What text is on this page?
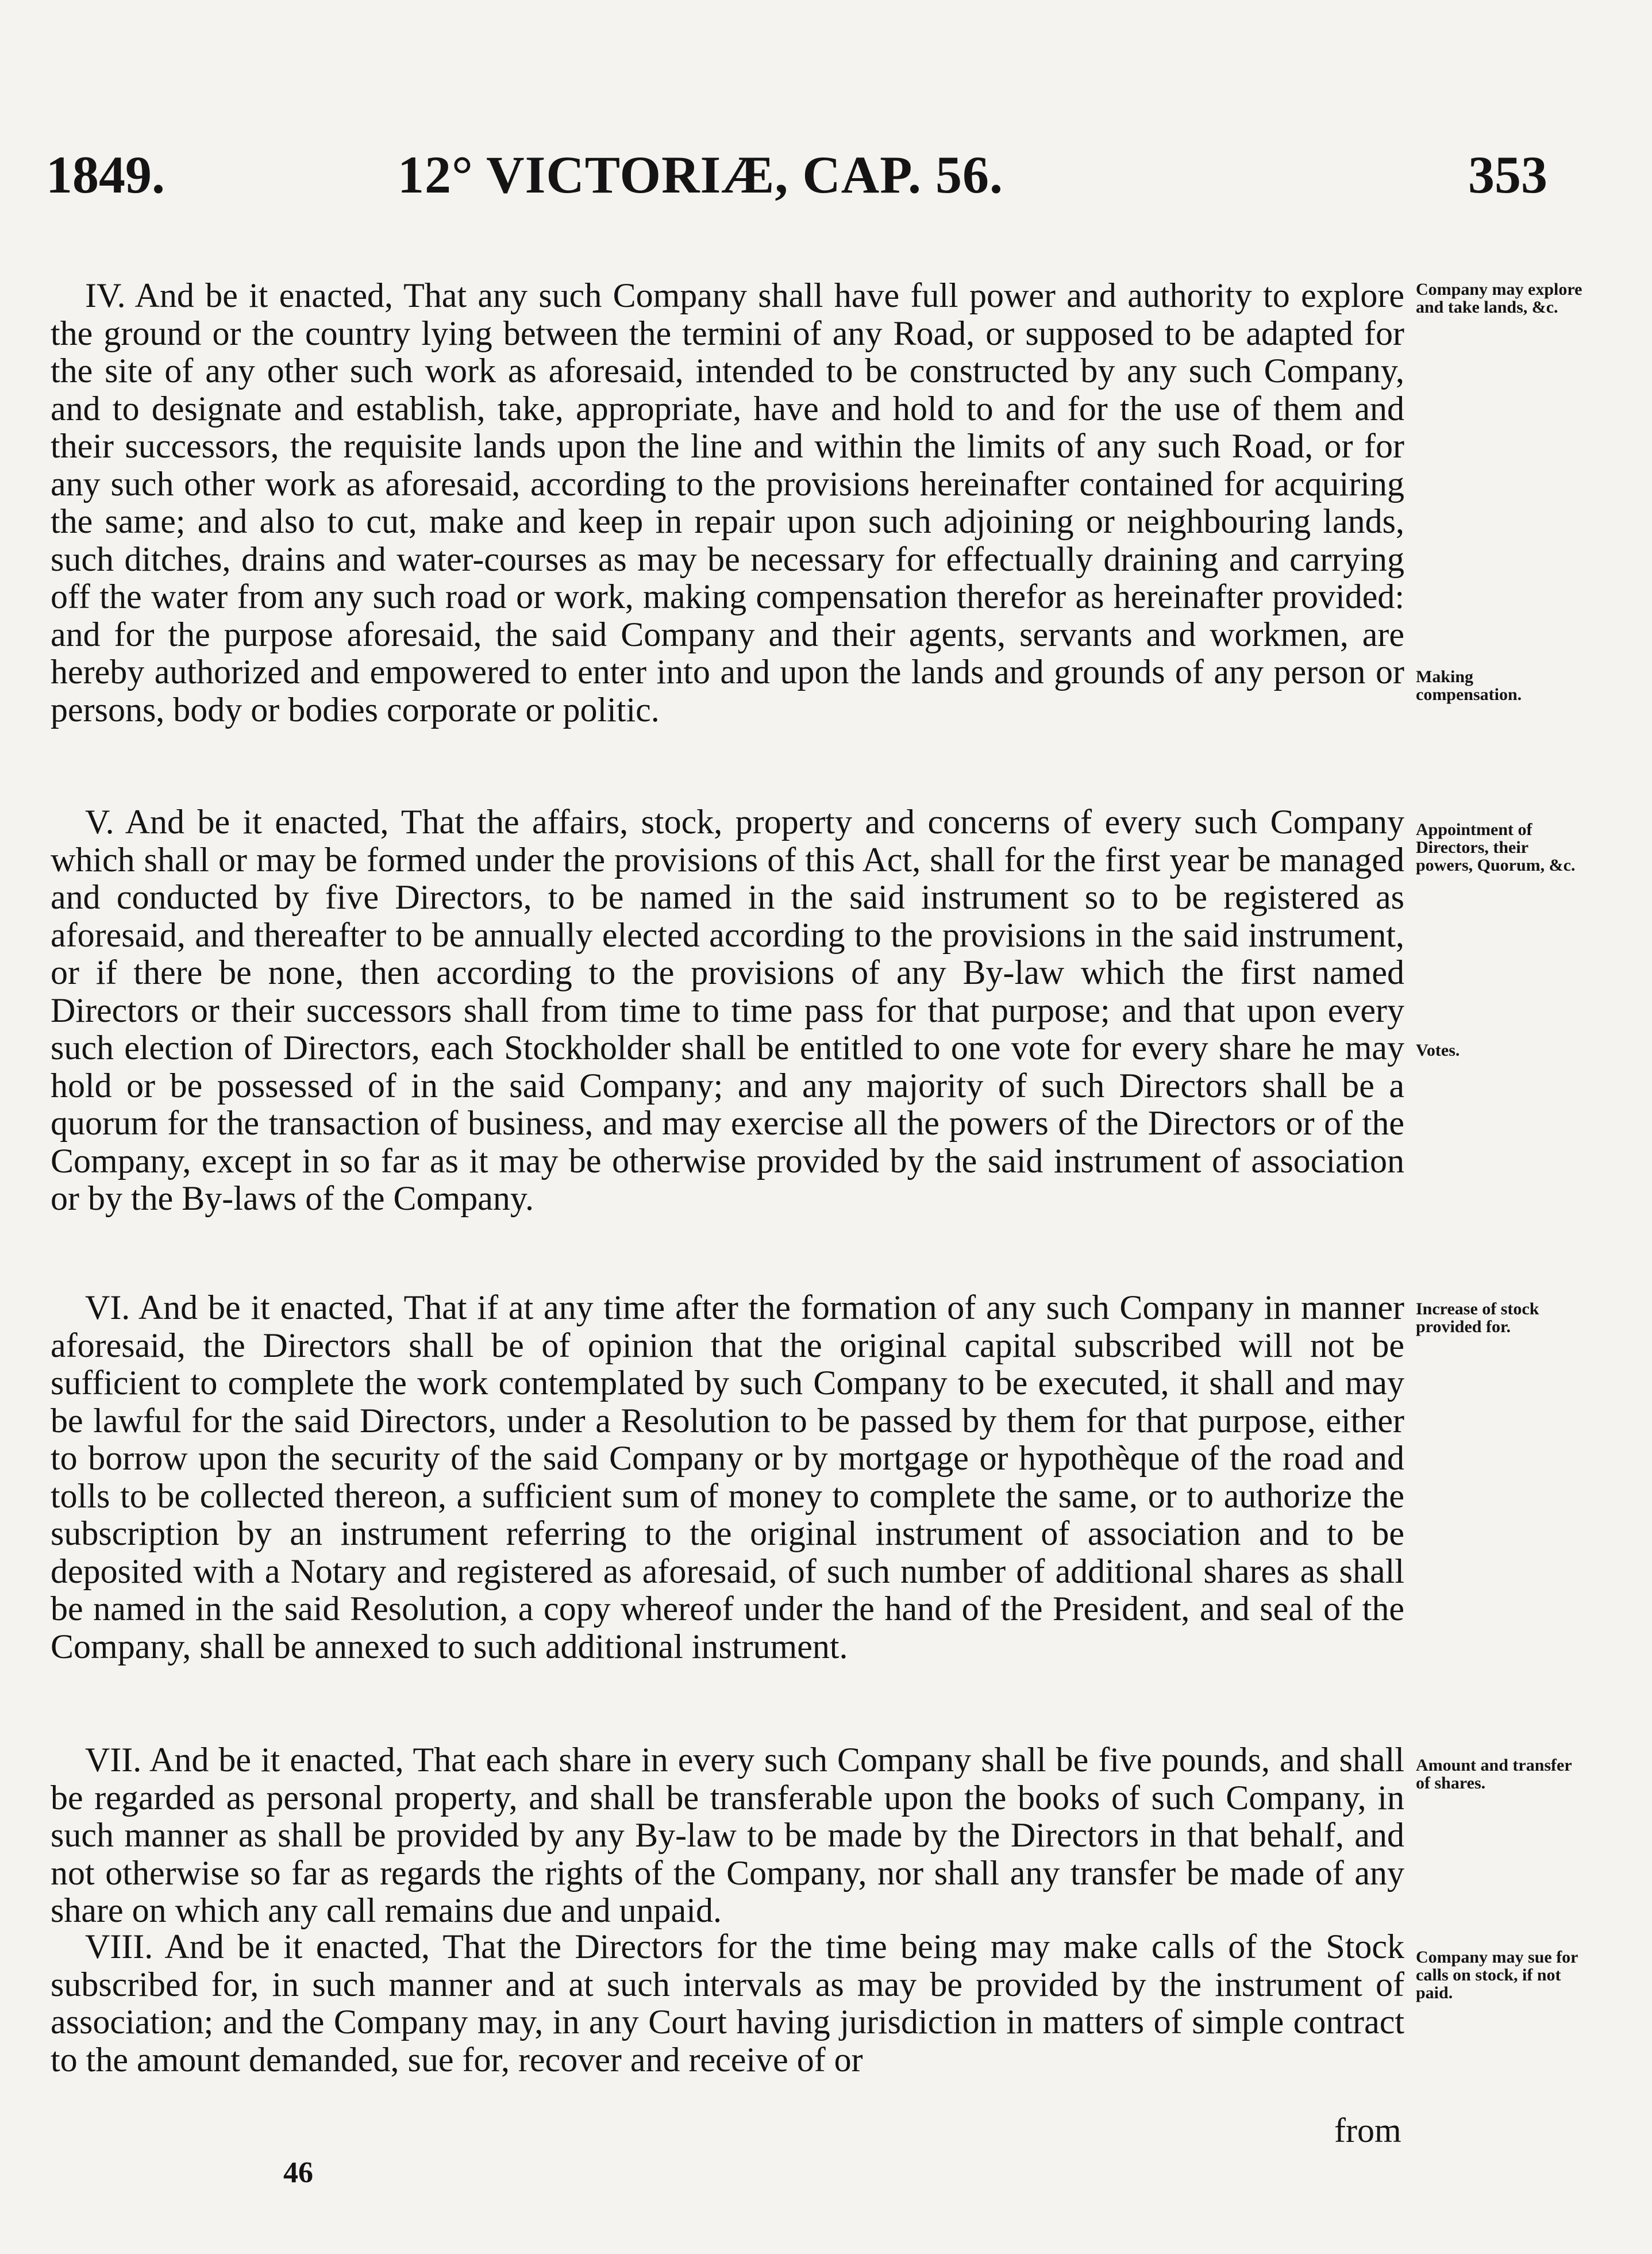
1849.	12° VICTORIÆ, CAP. 56.	353
IV. And be it enacted, That any such Company shall have full power and authority to explore the ground or the country lying between the termini of any Road, or supposed to be adapted for the site of any other such work as aforesaid, intended to be constructed by any such Company, and to designate and establish, take, appropriate, have and hold to and for the use of them and their successors, the requisite lands upon the line and within the limits of any such Road, or for any such other work as aforesaid, according to the provisions hereinafter contained for acquiring the same; and also to cut, make and keep in repair upon such adjoining or neighbouring lands, such ditches, drains and water-courses as may be necessary for effectually draining and carrying off the water from any such road or work, making compensation therefor as hereinafter provided: and for the purpose aforesaid, the said Company and their agents, servants and workmen, are hereby authorized and empowered to enter into and upon the lands and grounds of any person or persons, body or bodies corporate or politic.
V. And be it enacted, That the affairs, stock, property and concerns of every such Company which shall or may be formed under the provisions of this Act, shall for the first year be managed and conducted by five Directors, to be named in the said instrument so to be registered as aforesaid, and thereafter to be annually elected according to the provisions in the said instrument, or if there be none, then according to the provisions of any By-law which the first named Directors or their successors shall from time to time pass for that purpose; and that upon every such election of Directors, each Stockholder shall be entitled to one vote for every share he may hold or be possessed of in the said Company; and any majority of such Directors shall be a quorum for the transaction of business, and may exercise all the powers of the Directors or of the Company, except in so far as it may be otherwise provided by the said instrument of association or by the By-laws of the Company.
VI. And be it enacted, That if at any time after the formation of any such Company in manner aforesaid, the Directors shall be of opinion that the original capital subscribed will not be sufficient to complete the work contemplated by such Company to be executed, it shall and may be lawful for the said Directors, under a Resolution to be passed by them for that purpose, either to borrow upon the security of the said Company or by mortgage or hypothèque of the road and tolls to be collected thereon, a sufficient sum of money to complete the same, or to authorize the subscription by an instrument referring to the original instrument of association and to be deposited with a Notary and registered as aforesaid, of such number of additional shares as shall be named in the said Resolution, a copy whereof under the hand of the President, and seal of the Company, shall be annexed to such additional instrument.
VII. And be it enacted, That each share in every such Company shall be five pounds, and shall be regarded as personal property, and shall be transferable upon the books of such Company, in such manner as shall be provided by any By-law to be made by the Directors in that behalf, and not otherwise so far as regards the rights of the Company, nor shall any transfer be made of any share on which any call remains due and unpaid.
VIII. And be it enacted, That the Directors for the time being may make calls of the Stock subscribed for, in such manner and at such intervals as may be provided by the instrument of association; and the Company may, in any Court having jurisdiction in matters of simple contract to the amount demanded, sue for, recover and receive of or
Company may explore and take lands, &c.
Making compensation.
Appointment of Directors, their powers, Quorum, &c.
Votes.
Increase of stock provided for.
Amount and transfer of shares.
Company may sue for calls on stock, if not paid.
from
46
